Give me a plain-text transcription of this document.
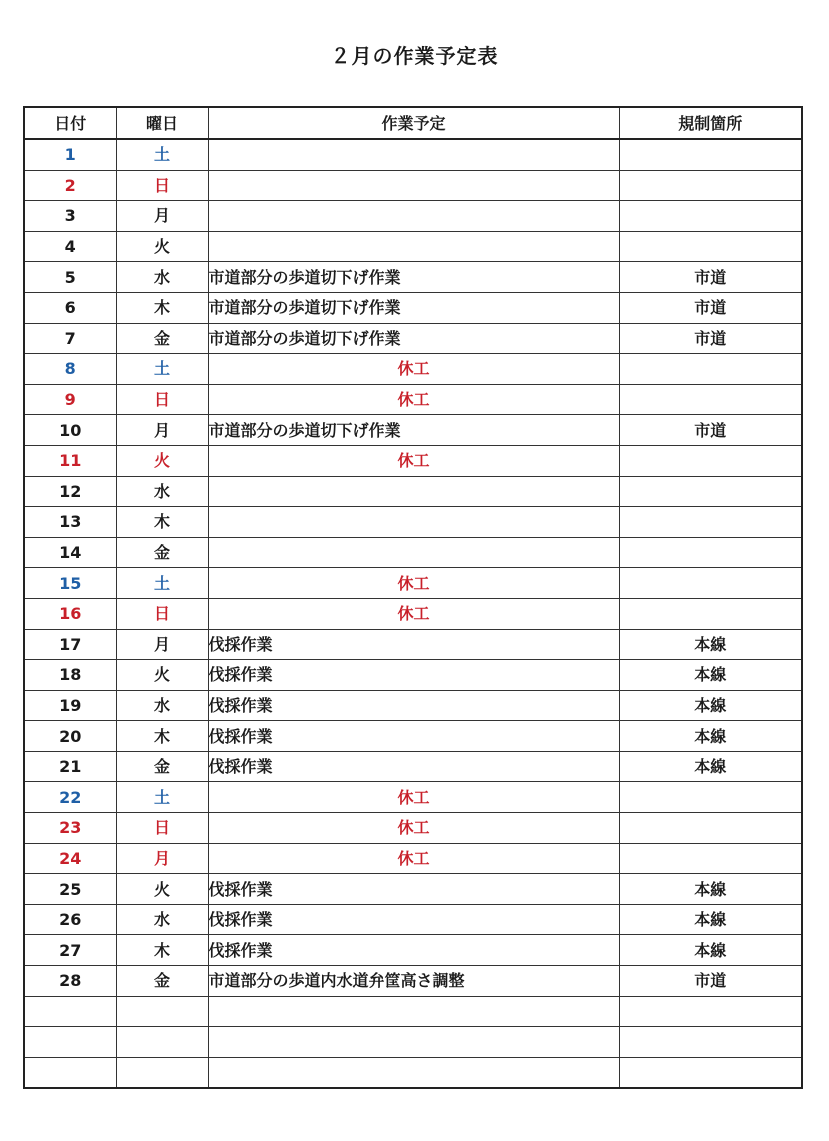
２月の作業予定表
日付	曜日	作業予定	規制箇所
1	土		
2	日		
3	月		
4	火		
5	水	市道部分の歩道切下げ作業	市道
6	木	市道部分の歩道切下げ作業	市道
7	金	市道部分の歩道切下げ作業	市道
8	土	休工	
9	日	休工	
10	月	市道部分の歩道切下げ作業	市道
11	火	休工	
12	水		
13	木		
14	金		
15	土	休工	
16	日	休工	
17	月	伐採作業	本線
18	火	伐採作業	本線
19	水	伐採作業	本線
20	木	伐採作業	本線
21	金	伐採作業	本線
22	土	休工	
23	日	休工	
24	月	休工	
25	火	伐採作業	本線
26	水	伐採作業	本線
27	木	伐採作業	本線
28	金	市道部分の歩道内水道弁筐高さ調整	市道
